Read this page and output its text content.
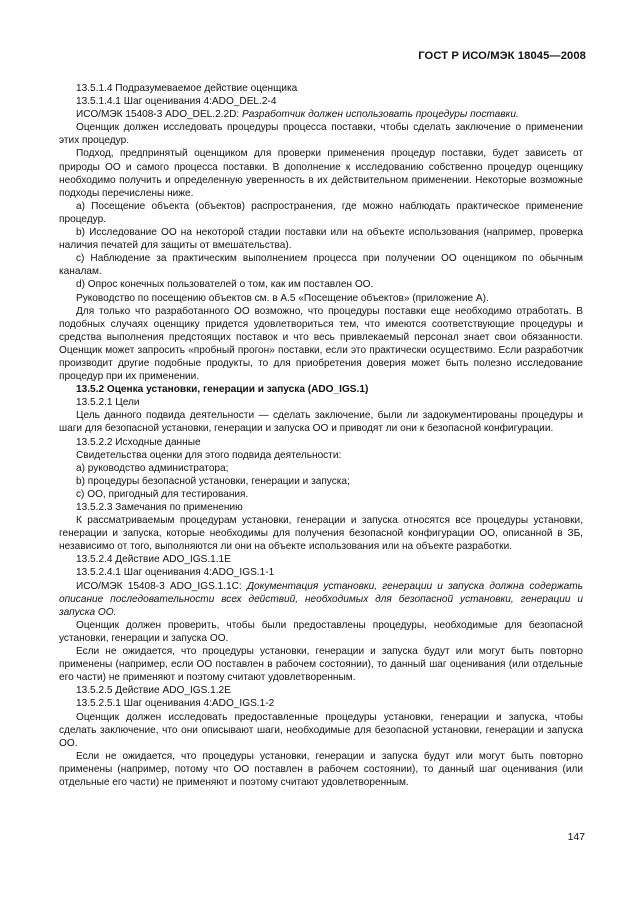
ГОСТ Р ИСО/МЭК 18045—2008

13.5.1.4 Подразумеваемое действие оценщика

13.5.1.4.1 Шаг оценивания 4:ADO_DEL.2-4

ИСО/МЭК 15408-3 ADO_DEL.2.2D: Разработчик должен использовать процедуры поставки.

Оценщик должен исследовать процедуры процесса поставки, чтобы сделать заключение о применении этих процедур.

Подход, предпринятый оценщиком для проверки применения процедур поставки, будет зависеть от природы ОО и самого процесса поставки. В дополнение к исследованию собственно процедур оценщику необходимо получить и определенную уверенность в их действительном применении. Некоторые возможные подходы перечислены ниже.

а) Посещение объекта (объектов) распространения, где можно наблюдать практическое применение процедур.

b) Исследование ОО на некоторой стадии поставки или на объекте использования (например, проверка наличия печатей для защиты от вмешательства).

c) Наблюдение за практическим выполнением процесса при получении ОО оценщиком по обычным каналам.

d) Опрос конечных пользователей о том, как им поставлен ОО.

Руководство по посещению объектов см. в А.5 «Посещение объектов» (приложение А).

Для только что разработанного ОО возможно, что процедуры поставки еще необходимо отработать. В подобных случаях оценщику придется удовлетвориться тем, что имеются соответствующие процедуры и средства выполнения предстоящих поставок и что весь привлекаемый персонал знает свои обязанности. Оценщик может запросить «пробный прогон» поставки, если это практически осуществимо. Если разработчик производит другие подобные продукты, то для приобретения доверия может быть полезно исследование процедур при их применении.

13.5.2 Оценка установки, генерации и запуска (ADO_IGS.1)

13.5.2.1 Цели

Цель данного подвида деятельности — сделать заключение, были ли задокументированы процедуры и шаги для безопасной установки, генерации и запуска ОО и приводят ли они к безопасной конфигурации.

13.5.2.2 Исходные данные

Свидетельства оценки для этого подвида деятельности:

а) руководство администратора;

b) процедуры безопасной установки, генерации и запуска;

c) ОО, пригодный для тестирования.

13.5.2.3 Замечания по применению

К рассматриваемым процедурам установки, генерации и запуска относятся все процедуры установки, генерации и запуска, которые необходимы для получения безопасной конфигурации ОО, описанной в ЗБ, независимо от того, выполняются ли они на объекте использования или на объекте разработки.

13.5.2.4 Действие ADO_IGS.1.1E

13.5.2.4.1 Шаг оценивания 4:ADO_IGS.1-1

ИСО/МЭК 15408-3 ADO_IGS.1.1C: Документация установки, генерации и запуска должна содержать описание последовательности всех действий, необходимых для безопасной установки, генерации и запуска ОО.

Оценщик должен проверить, чтобы были предоставлены процедуры, необходимые для безопасной установки, генерации и запуска ОО.

Если не ожидается, что процедуры установки, генерации и запуска будут или могут быть повторно применены (например, если ОО поставлен в рабочем состоянии), то данный шаг оценивания (или отдельные его части) не применяют и поэтому считают удовлетворенным.

13.5.2.5 Действие ADO_IGS.1.2E

13.5.2.5.1 Шаг оценивания 4:ADO_IGS.1-2

Оценщик должен исследовать предоставленные процедуры установки, генерации и запуска, чтобы сделать заключение, что они описывают шаги, необходимые для безопасной установки, генерации и запуска ОО.

Если не ожидается, что процедуры установки, генерации и запуска будут или могут быть повторно применены (например, потому что ОО поставлен в рабочем состоянии), то данный шаг оценивания (или отдельные его части) не применяют и поэтому считают удовлетворенным.

147
